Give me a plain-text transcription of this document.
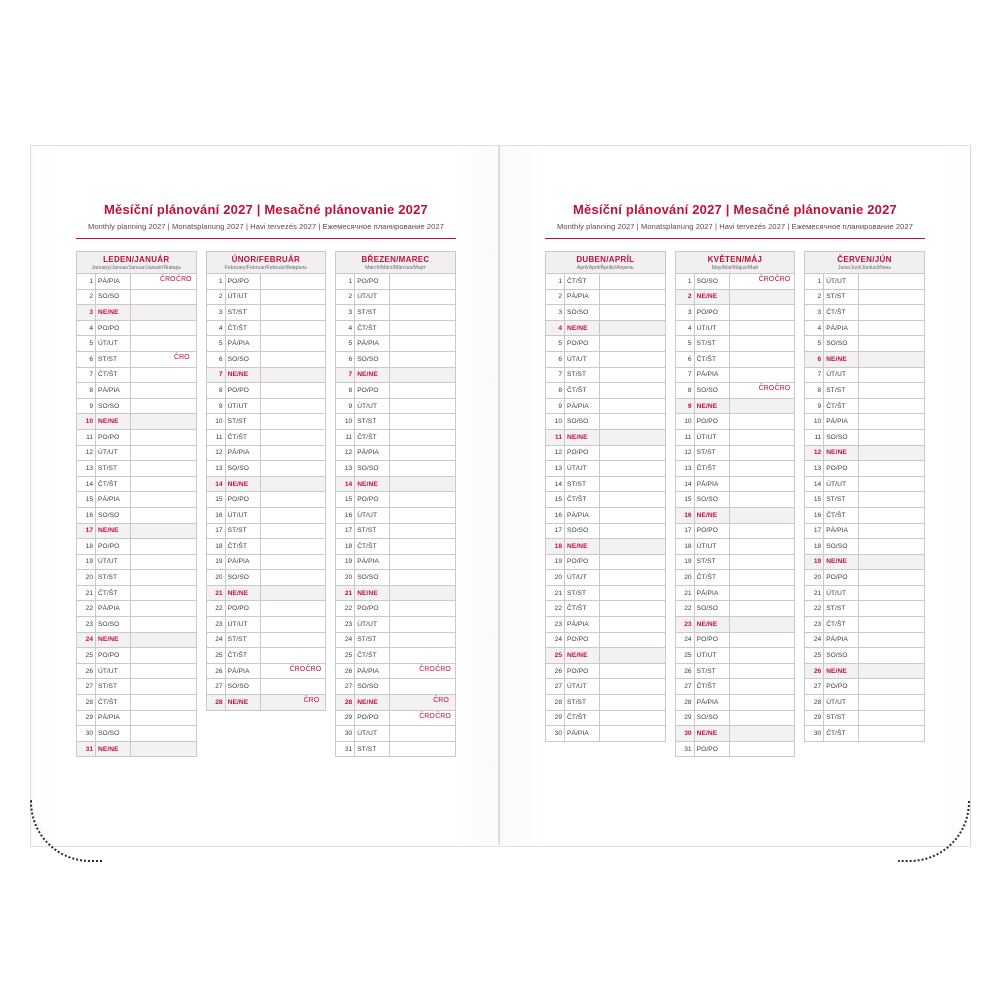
Měsíční plánování 2027 | Mesačné plánovanie 2027
Monthly planning 2027 | Monatsplanung 2027 | Havi tervezés 2027 | Ежемесячное планирование 2027
LEDEN/JANUÁR
January/Januar/Januar/Január/Январь
1	PÁ/PIA	ČRO ČRO

2	SO/SO	
3	NE/NE	
4	PO/PO	
5	ÚT/UT	
6	ST/ST	ČRO

7	ČT/ŠT	
8	PÁ/PIA	
9	SO/SO	
10	NE/NE	
11	PO/PO	
12	ÚT/UT	
13	ST/ST	
14	ČT/ŠT	
15	PÁ/PIA	
16	SO/SO	
17	NE/NE	
18	PO/PO	
19	ÚT/UT	
20	ST/ST	
21	ČT/ŠT	
22	PÁ/PIA	
23	SO/SO	
24	NE/NE	
25	PO/PO	
26	ÚT/UT	
27	ST/ST	
28	ČT/ŠT	
29	PÁ/PIA	
30	SO/SO	
31	NE/NE	
ÚNOR/FEBRUÁR
February/Februar/Február/Февраль
1	PO/PO	
2	ÚT/UT	
3	ST/ST	
4	ČT/ŠT	
5	PÁ/PIA	
6	SO/SO	
7	NE/NE	
8	PO/PO	
9	ÚT/UT	
10	ST/ST	
11	ČT/ŠT	
12	PÁ/PIA	
13	SO/SO	
14	NE/NE	
15	PO/PO	
16	ÚT/UT	
17	ST/ST	
18	ČT/ŠT	
19	PÁ/PIA	
20	SO/SO	
21	NE/NE	
22	PO/PO	
23	ÚT/UT	
24	ST/ST	
25	ČT/ŠT	
26	PÁ/PIA	ČRO ČRO

27	SO/SO	
28	NE/NE	ČRO
BŘEZEN/MAREC
March/März/Március/Март
1	PO/PO	
2	ÚT/UT	
3	ST/ST	
4	ČT/ŠT	
5	PÁ/PIA	
6	SO/SO	
7	NE/NE	
8	PO/PO	
9	ÚT/UT	
10	ST/ST	
11	ČT/ŠT	
12	PÁ/PIA	
13	SO/SO	
14	NE/NE	
15	PO/PO	
16	ÚT/UT	
17	ST/ST	
18	ČT/ŠT	
19	PÁ/PIA	
20	SO/SO	
21	NE/NE	
22	PO/PO	
23	ÚT/UT	
24	ST/ST	
25	ČT/ŠT	
26	PÁ/PIA	ČRO ČRO

27	SO/SO	
28	NE/NE	ČRO

29	PO/PO	ČRO ČRO

30	ÚT/UT	
31	ST/ST	
Měsíční plánování 2027 | Mesačné plánovanie 2027
Monthly planning 2027 | Monatsplanung 2027 | Havi tervezés 2027 | Ежемесячное планирование 2027
DUBEN/APRÍL
April/April/Április/Апрель
1	ČT/ŠT	
2	PÁ/PIA	
3	SO/SO	
4	NE/NE	
5	PO/PO	
6	ÚT/UT	
7	ST/ST	
8	ČT/ŠT	
9	PÁ/PIA	
10	SO/SO	
11	NE/NE	
12	PO/PO	
13	ÚT/UT	
14	ST/ST	
15	ČT/ŠT	
16	PÁ/PIA	
17	SO/SO	
18	NE/NE	
19	PO/PO	
20	ÚT/UT	
21	ST/ST	
22	ČT/ŠT	
23	PÁ/PIA	
24	PO/PO	
25	NE/NE	
26	PO/PO	
27	ÚT/UT	
28	ST/ST	
29	ČT/ŠT	
30	PÁ/PIA	
KVĚTEN/MÁJ
May/Mai/Május/Май
1	SO/SO	ČRO ČRO

2	NE/NE	
3	PO/PO	
4	ÚT/UT	
5	ST/ST	
6	ČT/ŠT	
7	PÁ/PIA	
8	SO/SO	ČRO ČRO

9	NE/NE	
10	PO/PO	
11	ÚT/UT	
12	ST/ST	
13	ČT/ŠT	
14	PÁ/PIA	
15	SO/SO	
16	NE/NE	
17	PO/PO	
18	ÚT/UT	
19	ST/ST	
20	ČT/ŠT	
21	PÁ/PIA	
22	SO/SO	
23	NE/NE	
24	PO/PO	
25	ÚT/UT	
26	ST/ST	
27	ČT/ŠT	
28	PÁ/PIA	
29	SO/SO	
30	NE/NE	
31	PO/PO	
ČERVEN/JÚN
June/Juni/Június/Июнь
1	ÚT/UT	
2	ST/ST	
3	ČT/ŠT	
4	PÁ/PIA	
5	SO/SO	
6	NE/NE	
7	ÚT/UT	
8	ST/ST	
9	ČT/ŠT	
10	PÁ/PIA	
11	SO/SO	
12	NE/NE	
13	PO/PO	
14	ÚT/UT	
15	ST/ST	
16	ČT/ŠT	
17	PÁ/PIA	
18	SO/SO	
19	NE/NE	
20	PO/PO	
21	ÚT/UT	
22	ST/ST	
23	ČT/ŠT	
24	PÁ/PIA	
25	SO/SO	
26	NE/NE	
27	PO/PO	
28	ÚT/UT	
29	ST/ST	
30	ČT/ŠT	
